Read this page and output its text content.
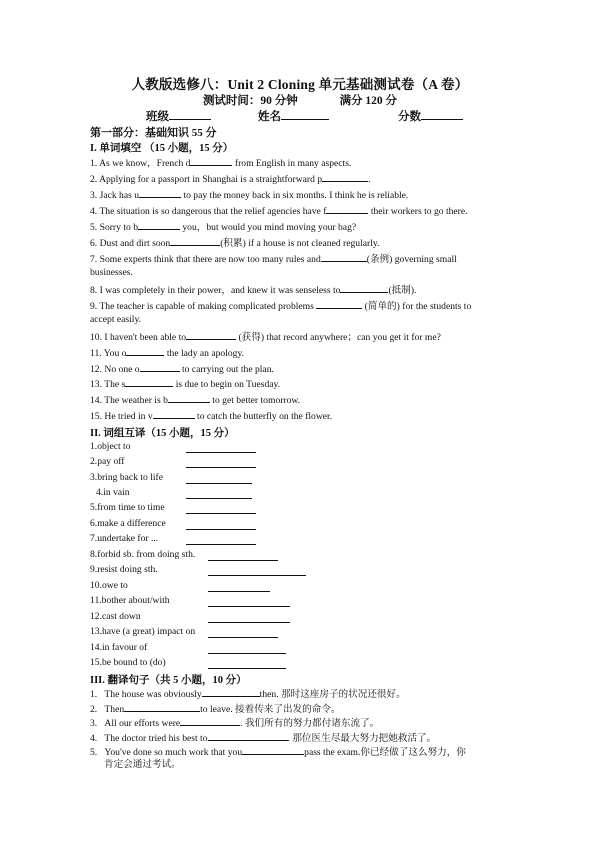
人教版选修八：Unit 2 Cloning 单元基础测试卷（A 卷）
测试时间：90 分钟	满分 120 分
班级	姓名	分数
第一部分：基础知识 55 分
I. 单词填空 （15 小题，15 分）
1. As we know，French d	from English in many aspects.
2. Applying for a passport in Shanghai is a straightforward p	.
3. Jack has u	to pay the money back in six months. I think he is reliable.
4. The situation is so dangerous that the relief agencies have f	their workers to go there.
5. Sorry to b	you，but would you mind moving your bag?
6. Dust and dirt soon	(积累) if a house is not cleaned regularly.
7. Some experts think that there are now too many rules and	(条例) governing small
businesses.
8. I was completely in their power，and knew it was senseless to	(抵制).
9. The teacher is capable of making complicated problems	(简单的) for the students to
accept easily.
10. I haven't been able to	(获得) that record anywhere；can you get it for me?
11. You o	the lady an apology.
12. No one o	to carrying out the plan.
13. The s	is due to begin on Tuesday.
14. The weather is b	to get better tomorrow.
15. He tried in v	to catch the butterfly on the flower.
II. 词组互译（15 小题，15 分）
1.object to
2.pay off
3.bring back to life
4.in vain
5.from time to time
6.make a difference
7.undertake for ...
8.forbid sb. from doing sth.
9.resist doing sth.
10.owe to
11.bother about/with
12.cast down
13.have (a great) impact on
14.in favour of
15.be bound to (do)
III. 翻译句子（共 5 小题，10 分）
1. The house was obviously	then. 那时这座房子的状况还很好。
2. Then	to leave. 接着传来了出发的命令。
3. All our efforts were	. 我们所有的努力都付诸东流了。
4. The doctor tried his best to	. 那位医生尽最大努力把她救活了。
5. You've done so much work that you	pass the exam.你已经做了这么努力，你
肯定会通过考试。
